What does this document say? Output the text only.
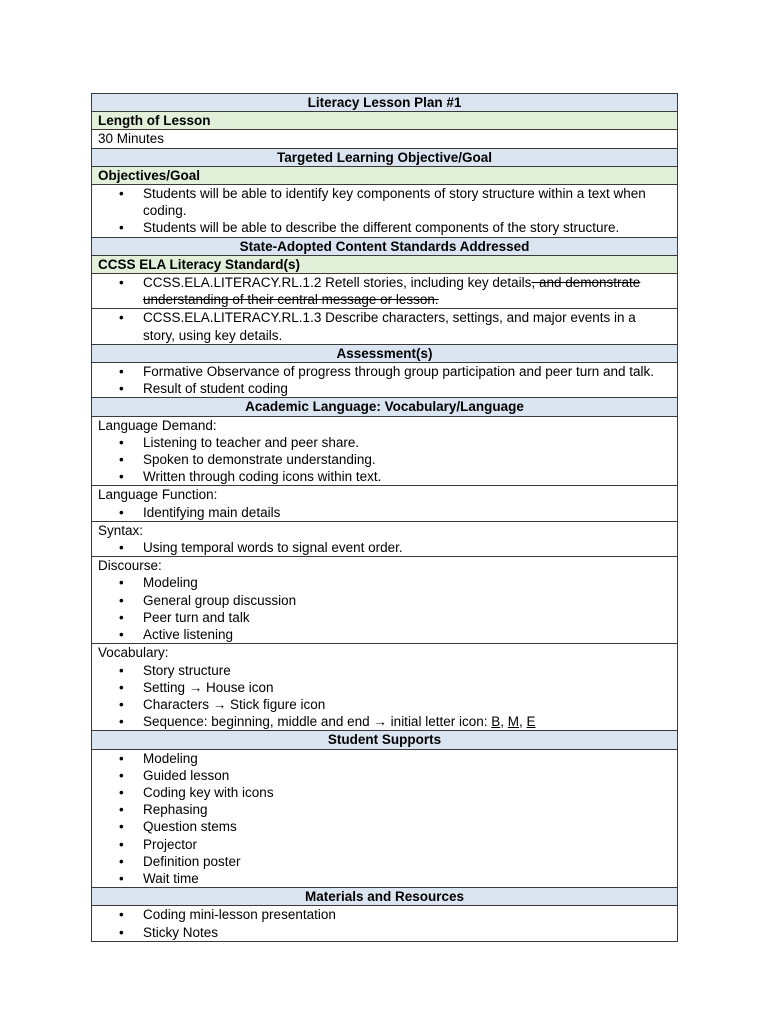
Literacy Lesson Plan #1
Length of Lesson
30 Minutes
Targeted Learning Objective/Goal
Objectives/Goal

• Students will be able to identify key components of story structure within a text when coding.
• Students will be able to describe the different components of the story structure.

State-Adopted Content Standards Addressed
CCSS ELA Literacy Standard(s)

• CCSS.ELA.LITERACY.RL.1.2 Retell stories, including key details, and demonstrate understanding of their central message or lesson.

• CCSS.ELA.LITERACY.RL.1.3 Describe characters, settings, and major events in a story, using key details.

Assessment(s)

• Formative Observance of progress through group participation and peer turn and talk.
• Result of student coding

Academic Language: Vocabulary/Language

Language Demand:
• Listening to teacher and peer share.
• Spoken to demonstrate understanding.
• Written through coding icons within text.

Language Function:
• Identifying main details

Syntax:
• Using temporal words to signal event order.

Discourse:
• Modeling
• General group discussion
• Peer turn and talk
• Active listening

Vocabulary:
• Story structure
• Setting → House icon
• Characters → Stick figure icon
• Sequence: beginning, middle and end → initial letter icon: B, M, E

Student Supports

• Modeling
• Guided lesson
• Coding key with icons
• Rephasing
• Question stems
• Projector
• Definition poster
• Wait time

Materials and Resources

• Coding mini-lesson presentation
• Sticky Notes
